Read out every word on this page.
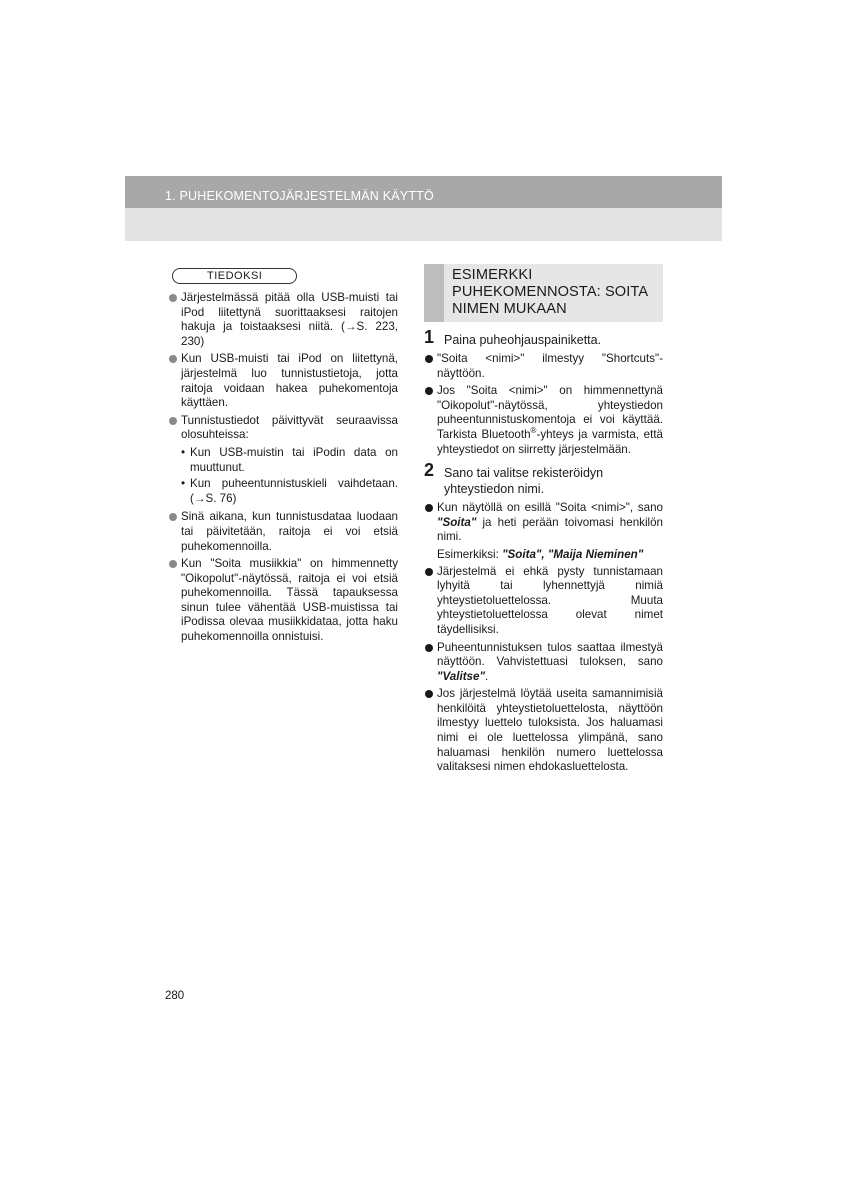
1. PUHEKOMENTOJÄRJESTELMÄN KÄYTTÖ
TIEDOKSI
Järjestelmässä pitää olla USB-muisti tai iPod liitettynä suorittaaksesi raitojen hakuja ja toistaaksesi niitä. (→S. 223, 230)
Kun USB-muisti tai iPod on liitettynä, järjestelmä luo tunnistustietoja, jotta raitoja voidaan hakea puhekomentoja käyttäen.
Tunnistustiedot päivittyvät seuraavissa olosuhteissa:
• Kun USB-muistin tai iPodin data on muuttunut.
• Kun puheentunnistuskieli vaihdetaan. (→S. 76)
Sinä aikana, kun tunnistusdataa luodaan tai päivitetään, raitoja ei voi etsiä puhekomennoilla.
Kun "Soita musiikkia" on himmennetty "Oikopolut"-näytössä, raitoja ei voi etsiä puhekomennoilla. Tässä tapauksessa sinun tulee vähentää USB-muistissa tai iPodissa olevaa musiikkidataa, jotta haku puhekomennoilla onnistuisi.
ESIMERKKI
PUHEKOMENNOSTA: SOITA
NIMEN MUKAAN
1 Paina puheohjauspainiketta.
"Soita <nimi>" ilmestyy "Shortcuts"-näyttöön.
Jos "Soita <nimi>" on himmennettynä "Oikopolut"-näytössä, yhteystiedon puheentunnistuskomentoja ei voi käyttää. Tarkista Bluetooth®-yhteys ja varmista, että yhteystiedot on siirretty järjestelmään.
2 Sano tai valitse rekisteröidyn yhteystiedon nimi.
Kun näytöllä on esillä "Soita <nimi>", sano "Soita" ja heti perään toivomasi henkilön nimi.
Esimerkiksi: "Soita", "Maija Nieminen"
Järjestelmä ei ehkä pysty tunnistamaan lyhyitä tai lyhennettyjä nimiä yhteystietoluettelossa. Muuta yhteystietoluettelossa olevat nimet täydellisiksi.
Puheentunnistuksen tulos saattaa ilmestyä näyttöön. Vahvistettuasi tuloksen, sano "Valitse".
Jos järjestelmä löytää useita samannimisiä henkilöitä yhteystietoluettelosta, näyttöön ilmestyy luettelo tuloksista. Jos haluamasi nimi ei ole luettelossa ylimpänä, sano haluamasi henkilön numero luettelossa valitaksesi nimen ehdokasluettelosta.
280
